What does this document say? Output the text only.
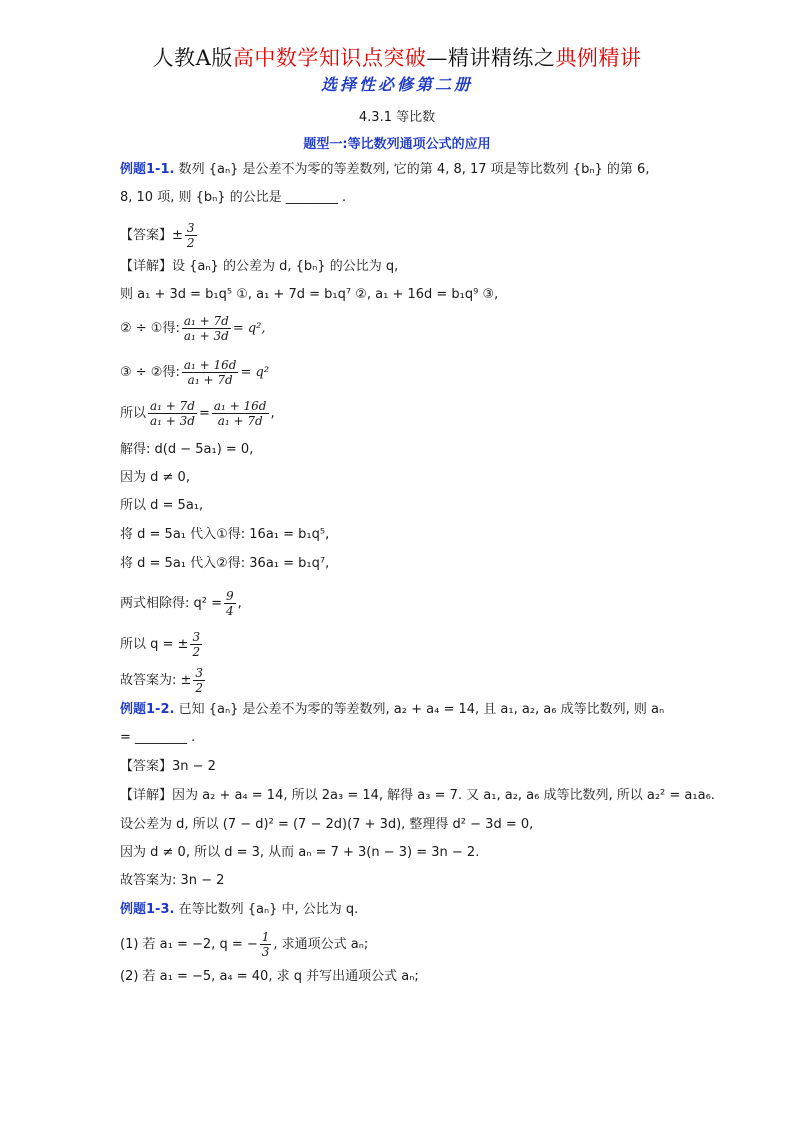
人教A版高中数学知识点突破—精讲精练之典例精讲
选择性必修第二册
4.3.1 等比数
题型一:等比数列通项公式的应用
例题1-1. 数列 {aₙ} 是公差不为零的等差数列, 它的第 4, 8, 17 项是等比数列 {bₙ} 的第 6,
8, 10 项, 则 {bₙ} 的公比是 ________ .
【答案】± $\frac{3}{2}$
【详解】设 {aₙ} 的公差为 d, {bₙ} 的公比为 q,
则 a₁ + 3d = b₁q⁵ ①, a₁ + 7d = b₁q⁷ ②, a₁ + 16d = b₁q⁹ ③,
② ÷ ①得: $\frac{\text{a₁ + 7d}}{\text{a₁ + 3d}} = q^2$,
③ ÷ ②得: $\frac{\text{a₁ + 16d}}{\text{a₁ + 7d}} = q^2$
所以 $\frac{\text{a₁ + 7d}}{\text{a₁ + 3d}} = \frac{\text{a₁ + 16d}}{\text{a₁ + 7d}}$ ,
解得: d(d − 5a₁) = 0,
因为 d ≠ 0,
所以 d = 5a₁,
将 d = 5a₁ 代入①得: 16a₁ = b₁q⁵,
将 d = 5a₁ 代入②得: 36a₁ = b₁q⁷,
两式相除得: $q^2 = \frac{9}{4}$ ,
所以 q = ± $\frac{3}{2}$
故答案为: ± $\frac{3}{2}$
例题1-2. 已知 {aₙ} 是公差不为零的等差数列, a₂ + a₄ = 14, 且 a₁, a₂, a₆ 成等比数列, 则 aₙ
= ________ .
【答案】3n − 2
【详解】因为 a₂ + a₄ = 14, 所以 2a₃ = 14, 解得 a₃ = 7. 又 a₁, a₂, a₆ 成等比数列, 所以 a₂² = a₁a₆.
设公差为 d, 所以 (7 − d)² = (7 − 2d)(7 + 3d), 整理得 d² − 3d = 0,
因为 d ≠ 0, 所以 d = 3, 从而 aₙ = 7 + 3(n − 3) = 3n − 2.
故答案为: 3n − 2
例题1-3. 在等比数列 {aₙ} 中, 公比为 q.
(1) 若 a₁ = −2, q = − $\frac{1}{3}$ , 求通项公式 aₙ;
(2) 若 a₁ = −5, a₄ = 40, 求 q 并写出通项公式 aₙ;
